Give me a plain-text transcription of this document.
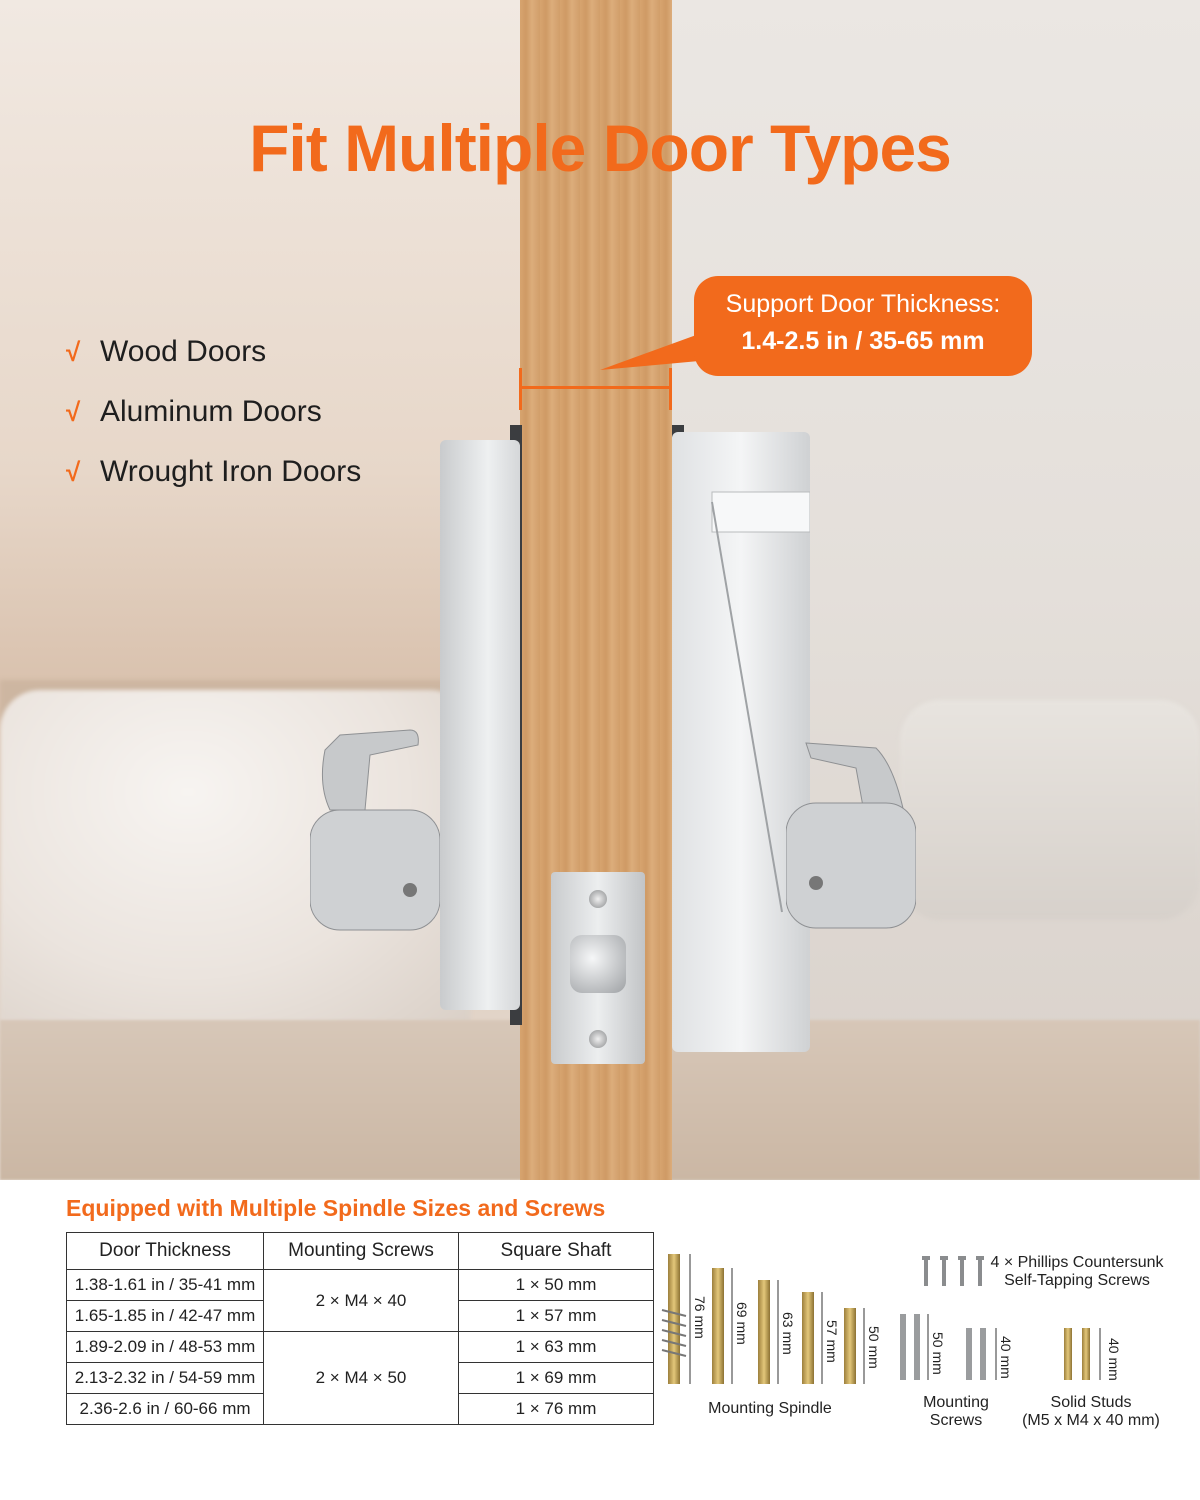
Fit Multiple Door Types
√ Wood Doors
√ Aluminum Doors
√ Wrought Iron Doors
Support Door Thickness:
1.4-2.5 in / 35-65 mm
Equipped with Multiple Spindle Sizes and Screws
Door Thickness	Mounting Screws	Square Shaft
1.38-1.61 in / 35-41 mm	2 × M4 × 40	1 × 50 mm
1.65-1.85 in / 42-47 mm		1 × 57 mm
1.89-2.09 in / 48-53 mm	2 × M4 × 50	1 × 63 mm
2.13-2.32 in / 54-59 mm		1 × 69 mm
2.36-2.6 in / 60-66 mm		1 × 76 mm
76 mm 69 mm 63 mm 57 mm 50 mm
Mounting Spindle
4 × Phillips Countersunk
Self-Tapping Screws
50 mm	40 mm
Mounting
Screws
40 mm
Solid Studs
(M5 x M4 x 40 mm)
